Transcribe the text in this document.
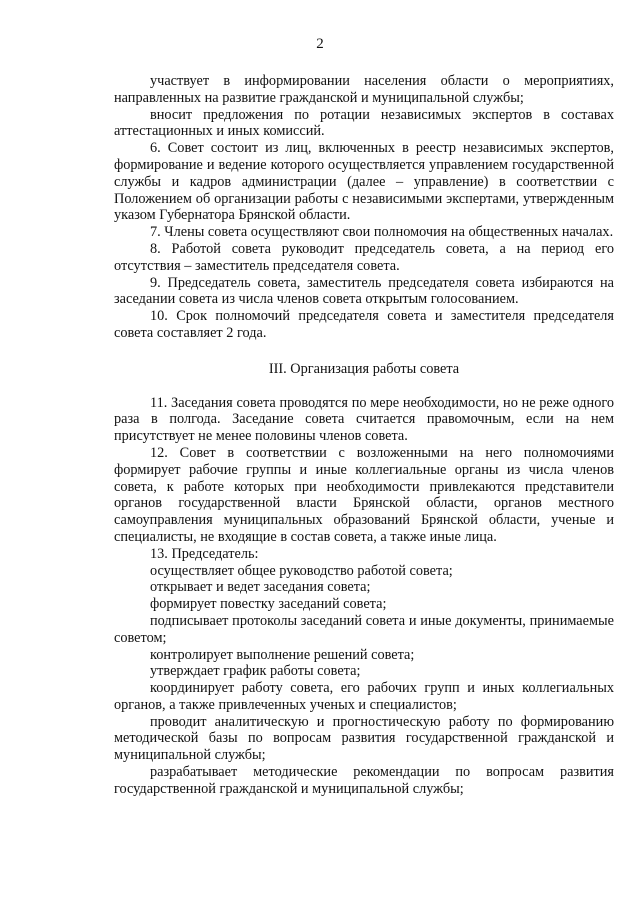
2

участвует в информировании населения области о мероприятиях, направленных на развитие гражданской и муниципальной службы;

вносит предложения по ротации независимых экспертов в составах аттестационных и иных комиссий.

6. Совет состоит из лиц, включенных в реестр независимых экспертов, формирование и ведение которого осуществляется управлением государственной службы и кадров администрации (далее – управление) в соответствии с Положением об организации работы с независимыми экспертами, утвержденным указом Губернатора Брянской области.

7. Члены совета осуществляют свои полномочия на общественных началах.

8. Работой совета руководит председатель совета, а на период его отсутствия – заместитель председателя совета.

9. Председатель совета, заместитель председателя совета избираются на заседании совета из числа членов совета открытым голосованием.

10. Срок полномочий председателя совета и заместителя председателя совета составляет 2 года.

III. Организация работы совета

11. Заседания совета проводятся по мере необходимости, но не реже одного раза в полгода. Заседание совета считается правомочным, если на нем присутствует не менее половины членов совета.

12. Совет в соответствии с возложенными на него полномочиями формирует рабочие группы и иные коллегиальные органы из числа членов совета, к работе которых при необходимости привлекаются представители органов государственной власти Брянской области, органов местного самоуправления муниципальных образований Брянской области, ученые и специалисты, не входящие в состав совета, а также иные лица.

13. Председатель:

осуществляет общее руководство работой совета;

открывает и ведет заседания совета;

формирует повестку заседаний совета;

подписывает протоколы заседаний совета и иные документы, принимаемые советом;

контролирует выполнение решений совета;

утверждает график работы совета;

координирует работу совета, его рабочих групп и иных коллегиальных органов, а также привлеченных ученых и специалистов;

проводит аналитическую и прогностическую работу по формированию методической базы по вопросам развития государственной гражданской и муниципальной службы;

разрабатывает методические рекомендации по вопросам развития государственной гражданской и муниципальной службы;
